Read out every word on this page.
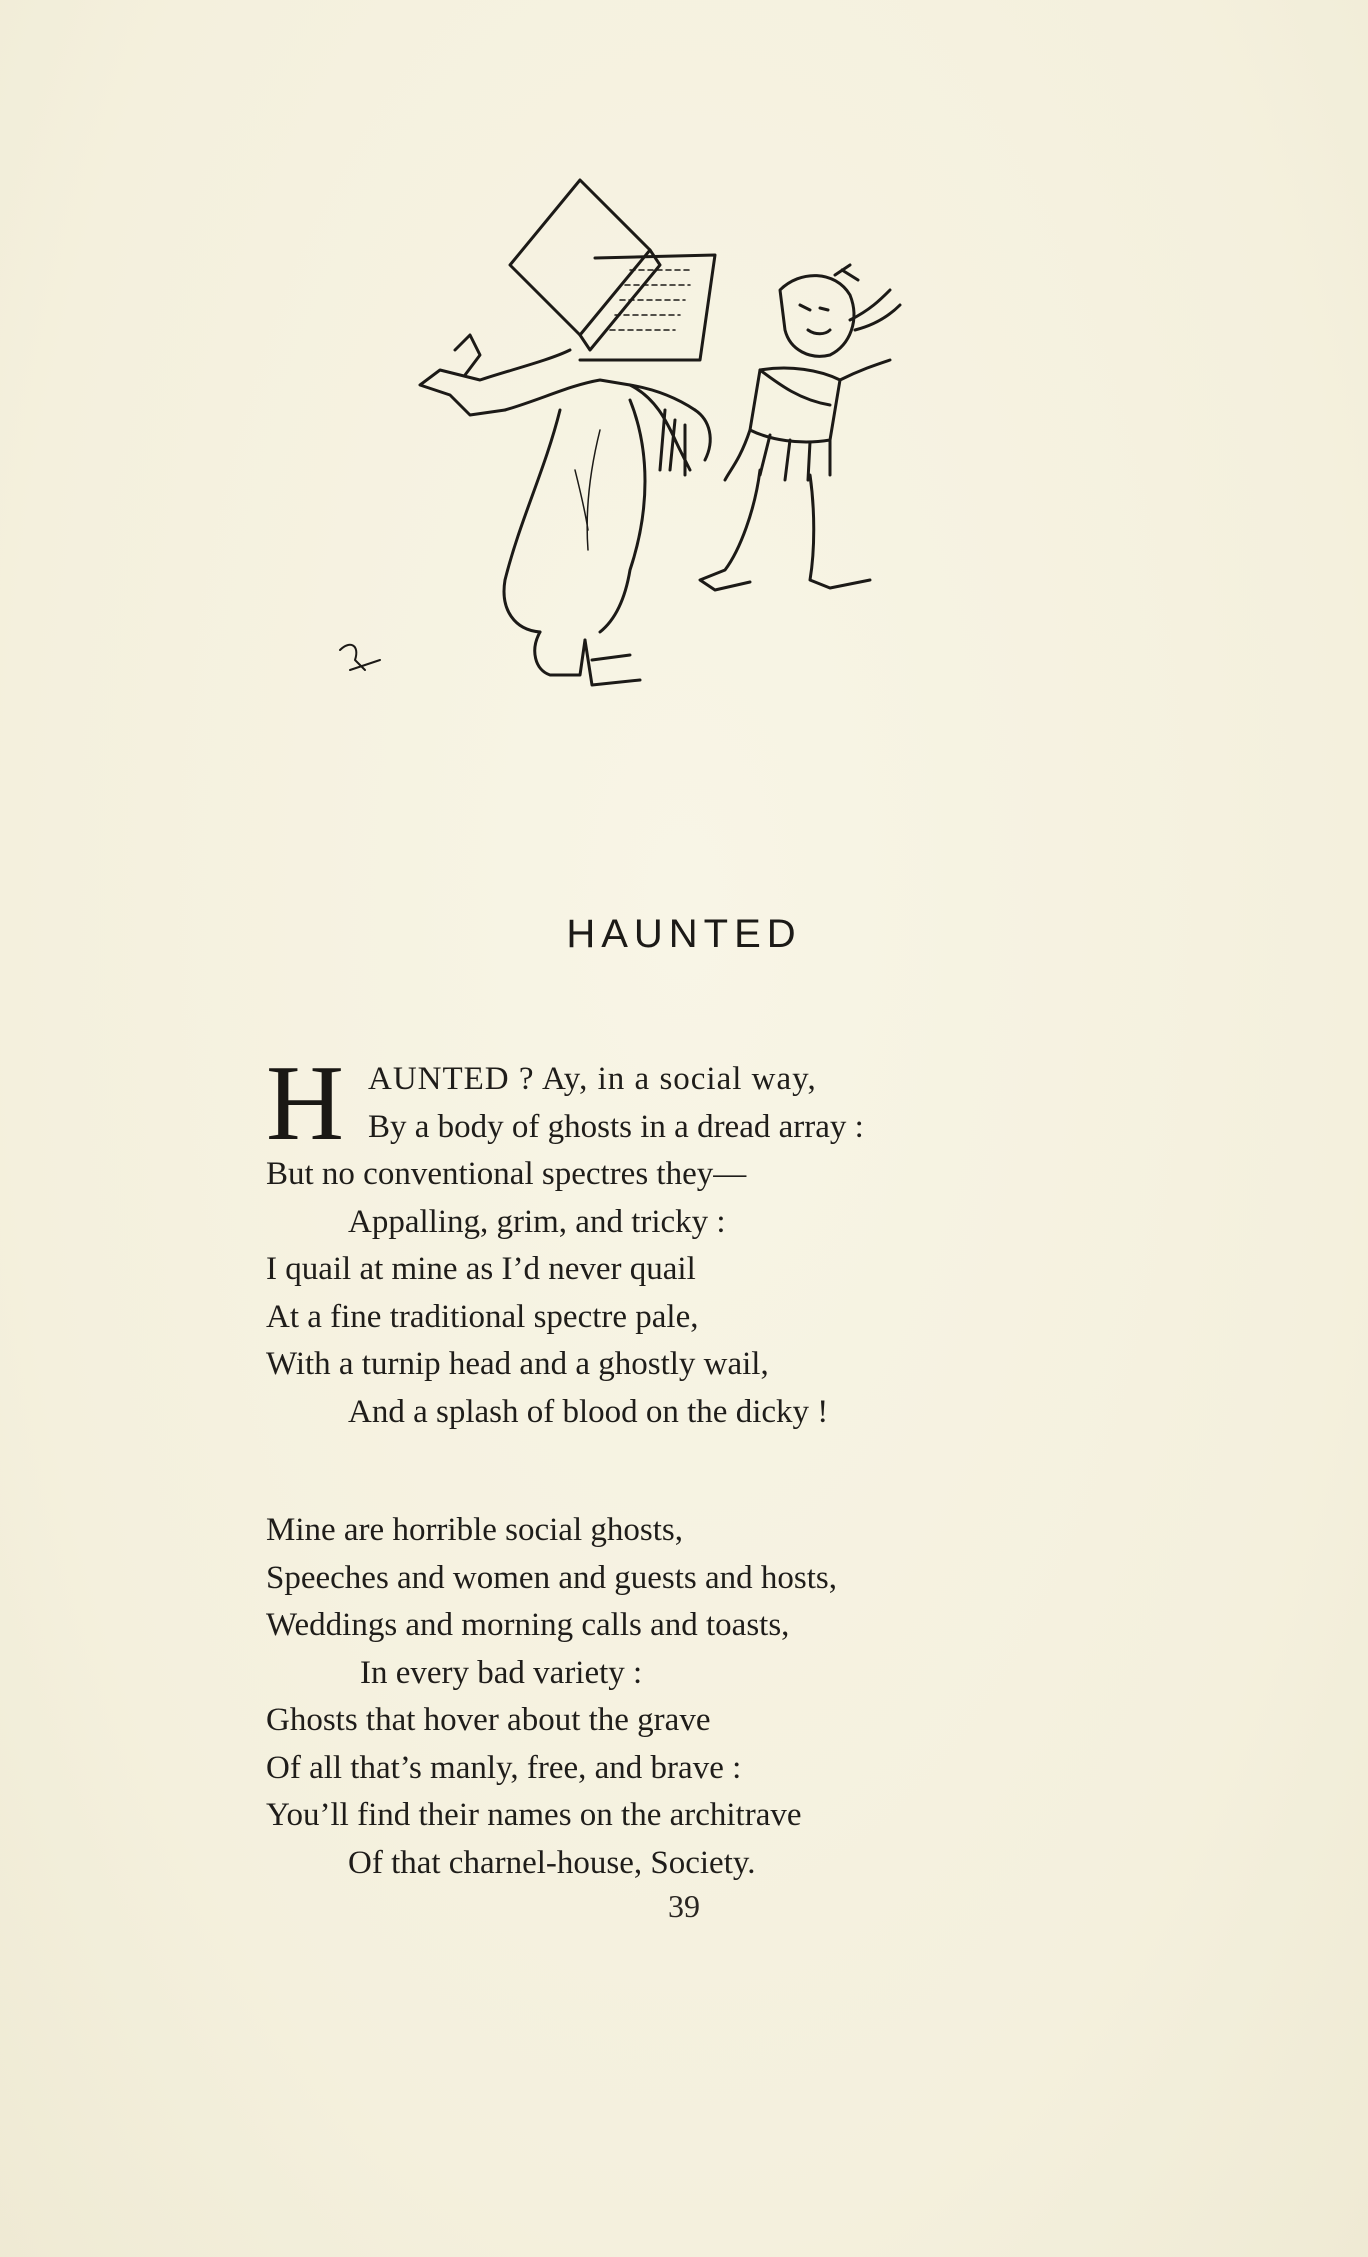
HAUNTED
H AUNTED ? Ay, in a social way,
By a body of ghosts in a dread array :
But no conventional spectres they—
Appalling, grim, and tricky :
I quail at mine as I’d never quail
At a fine traditional spectre pale,
With a turnip head and a ghostly wail,
And a splash of blood on the dicky !
Mine are horrible social ghosts,
Speeches and women and guests and hosts,
Weddings and morning calls and toasts,
In every bad variety :
Ghosts that hover about the grave
Of all that’s manly, free, and brave :
You’ll find their names on the architrave
Of that charnel-house, Society.
39
